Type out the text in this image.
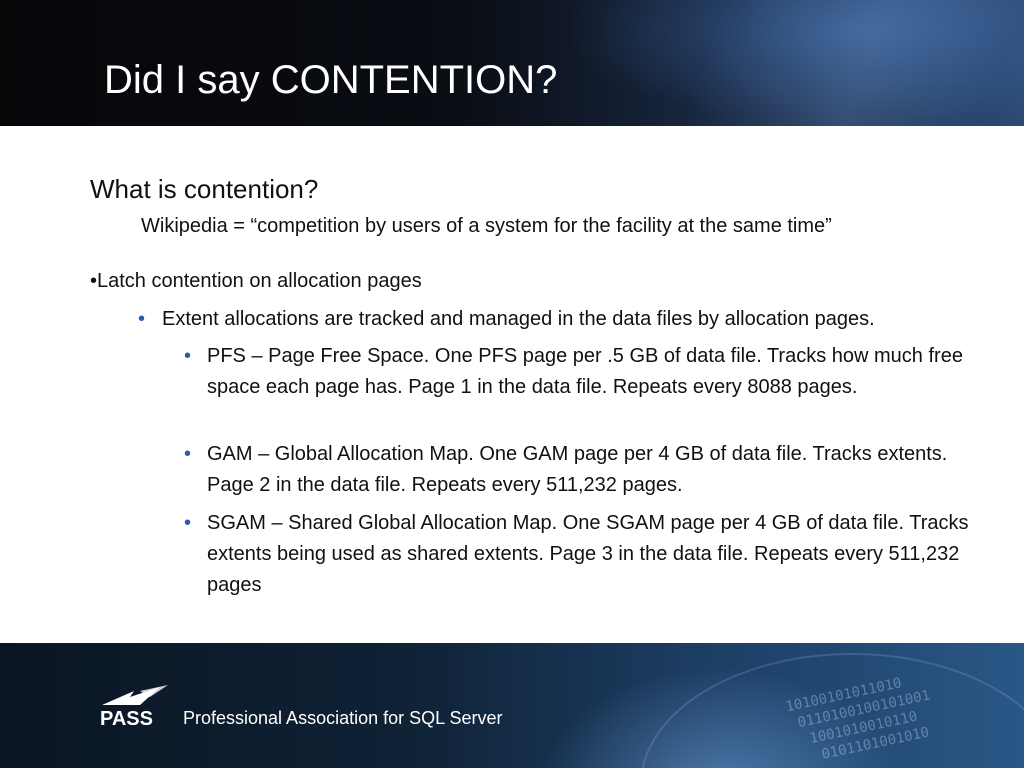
Did I say CONTENTION?
What is contention?
Wikipedia = “competition by users of a system for the facility at the same time”
•Latch contention on allocation pages
• Extent allocations are tracked and managed in the data files by allocation pages.
• PFS – Page Free Space. One PFS page per .5 GB of data file. Tracks how much free space each page has. Page 1 in the data file. Repeats every 8088 pages.
• GAM – Global Allocation Map. One GAM page per 4 GB of data file. Tracks extents. Page 2 in the data file. Repeats every 511,232 pages.
• SGAM – Shared Global Allocation Map. One SGAM page per 4 GB of data file. Tracks extents being used as shared extents. Page 3 in the data file. Repeats every 511,232 pages
10100101011010
0110100100101001
1001010010110
0101101001010
PASS Professional Association for SQL Server
